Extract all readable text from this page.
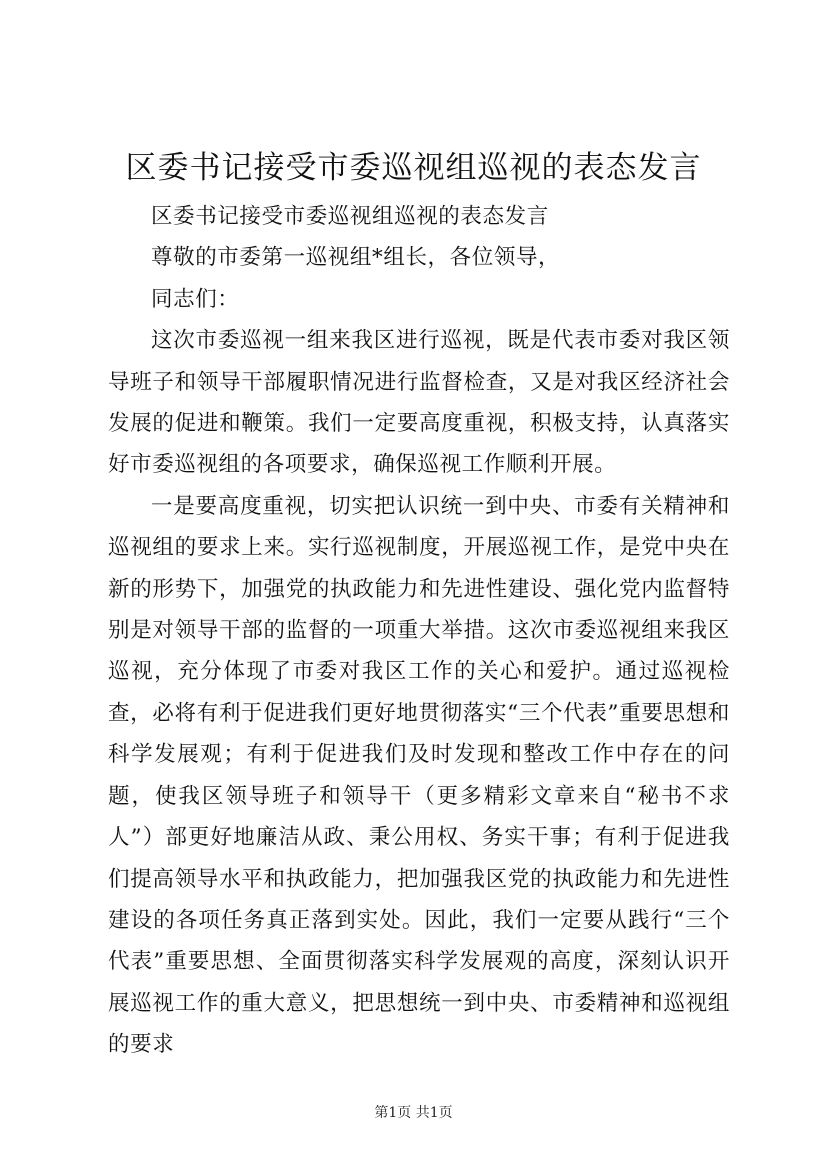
区委书记接受市委巡视组巡视的表态发言

区委书记接受市委巡视组巡视的表态发言

尊敬的市委第一巡视组*组长，各位领导，

同志们：

这次市委巡视一组来我区进行巡视，既是代表市委对我区领导班子和领导干部履职情况进行监督检查，又是对我区经济社会发展的促进和鞭策。我们一定要高度重视，积极支持，认真落实好市委巡视组的各项要求，确保巡视工作顺利开展。

一是要高度重视，切实把认识统一到中央、市委有关精神和巡视组的要求上来。实行巡视制度，开展巡视工作，是党中央在新的形势下，加强党的执政能力和先进性建设、强化党内监督特别是对领导干部的监督的一项重大举措。这次市委巡视组来我区巡视，充分体现了市委对我区工作的关心和爱护。通过巡视检查，必将有利于促进我们更好地贯彻落实“三个代表”重要思想和科学发展观；有利于促进我们及时发现和整改工作中存在的问题，使我区领导班子和领导干（更多精彩文章来自“秘书不求人”）部更好地廉洁从政、秉公用权、务实干事；有利于促进我们提高领导水平和执政能力，把加强我区党的执政能力和先进性建设的各项任务真正落到实处。因此，我们一定要从践行“三个代表”重要思想、全面贯彻落实科学发展观的高度，深刻认识开展巡视工作的重大意义，把思想统一到中央、市委精神和巡视组的要求

第1页 共1页
